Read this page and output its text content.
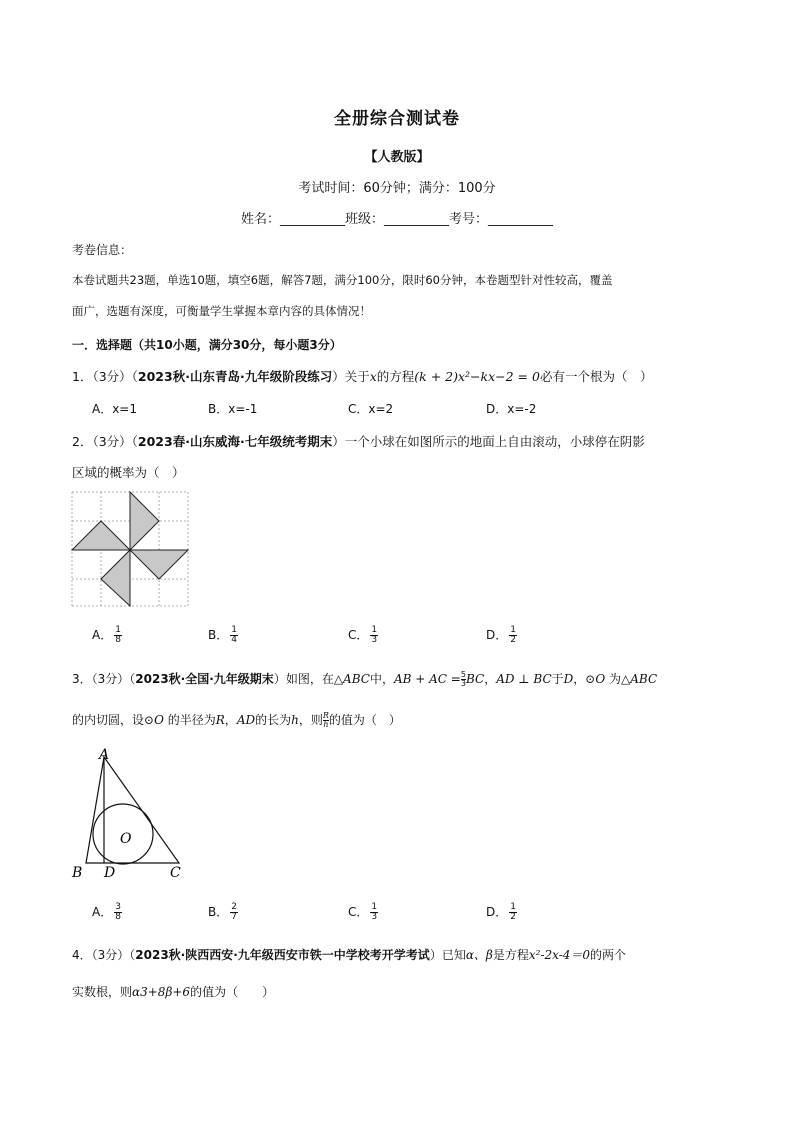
全册综合测试卷
【人教版】
考试时间：60分钟；满分：100分
姓名：__________班级：__________考号：__________
考卷信息：
本卷试题共23题，单选10题，填空6题，解答7题，满分100分，限时60分钟，本卷题型针对性较高，覆盖
面广，选题有深度，可衡量学生掌握本章内容的具体情况！
一．选择题（共10小题，满分30分，每小题3分）
1．（3分）（2023秋·山东青岛·九年级阶段练习）关于x的方程(k + 2)x²−kx−2 = 0必有一个根为（　）
A．x=1	B．x=-1	C．x=2	D．x=-2
2．（3分）（2023春·山东威海·七年级统考期末）一个小球在如图所示的地面上自由滚动，小球停在阴影
区域的概率为（　）
A． $\frac{1}{8}$	B． $\frac{1}{4}$	C． $\frac{1}{3}$	D． $\frac{1}{2}$
3．（3分）（2023秋·全国·九年级期末）如图，在△ABC中，AB + AC = $\frac{5}{3}$ BC，AD ⊥ BC于D，⊙O 为△ABC
的内切圆，设⊙O 的半径为R，AD的长为h，则 $\frac{R}{h}$ 的值为（　）
A
B D	C
O
A． $\frac{3}{8}$	B． $\frac{2}{7}$	C． $\frac{1}{3}$	D． $\frac{1}{2}$
4．（3分）（2023秋·陕西西安·九年级西安市铁一中学校考开学考试）已知α、β是方程x²-2x-4＝0的两个
实数根，则α3+8β+6的值为（　　）
